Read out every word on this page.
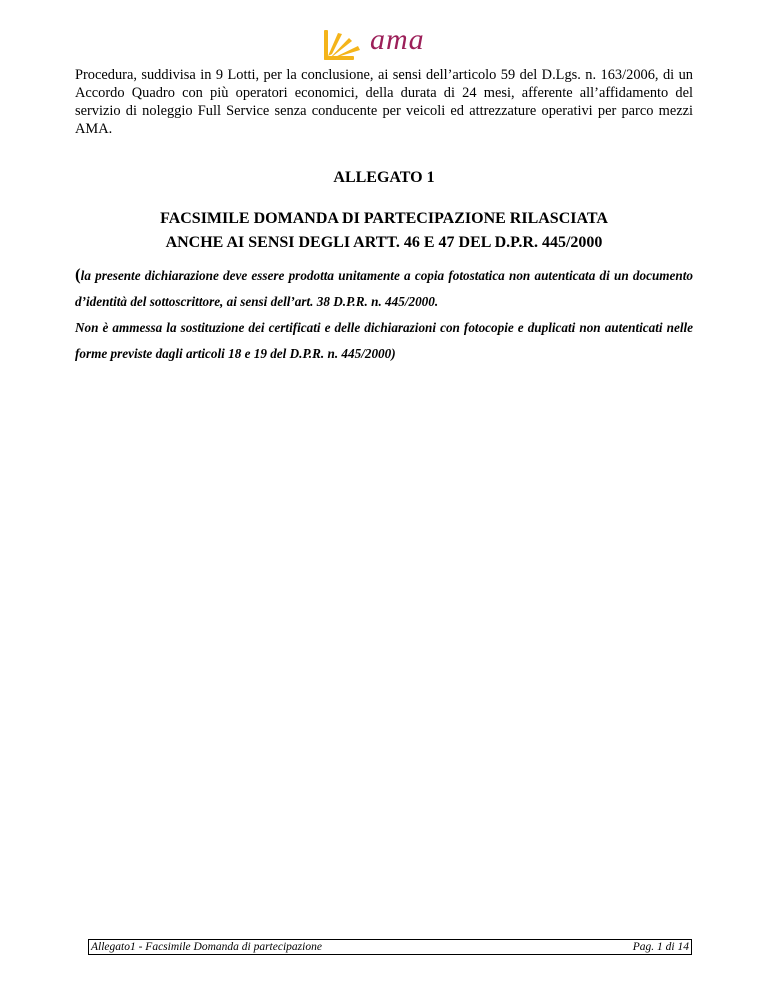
ama
Procedura, suddivisa in 9 Lotti, per la conclusione, ai sensi dell’articolo 59 del D.Lgs. n. 163/2006, di un Accordo Quadro con più operatori economici, della durata di 24 mesi, afferente all’affidamento del servizio di noleggio Full Service senza conducente per veicoli ed attrezzature operativi per parco mezzi AMA.
ALLEGATO 1
FACSIMILE DOMANDA DI PARTECIPAZIONE RILASCIATA
ANCHE AI SENSI DEGLI ARTT. 46 E 47 DEL D.P.R. 445/2000
(la presente dichiarazione deve essere prodotta unitamente a copia fotostatica non autenticata di un documento d’identità del sottoscrittore, ai sensi dell’art. 38 D.P.R. n. 445/2000.
Non è ammessa la sostituzione dei certificati e delle dichiarazioni con fotocopie e duplicati non autenticati nelle forme previste dagli articoli 18 e 19 del D.P.R. n. 445/2000)
Allegato1 - Facsimile Domanda di partecipazione	Pag. 1 di 14
